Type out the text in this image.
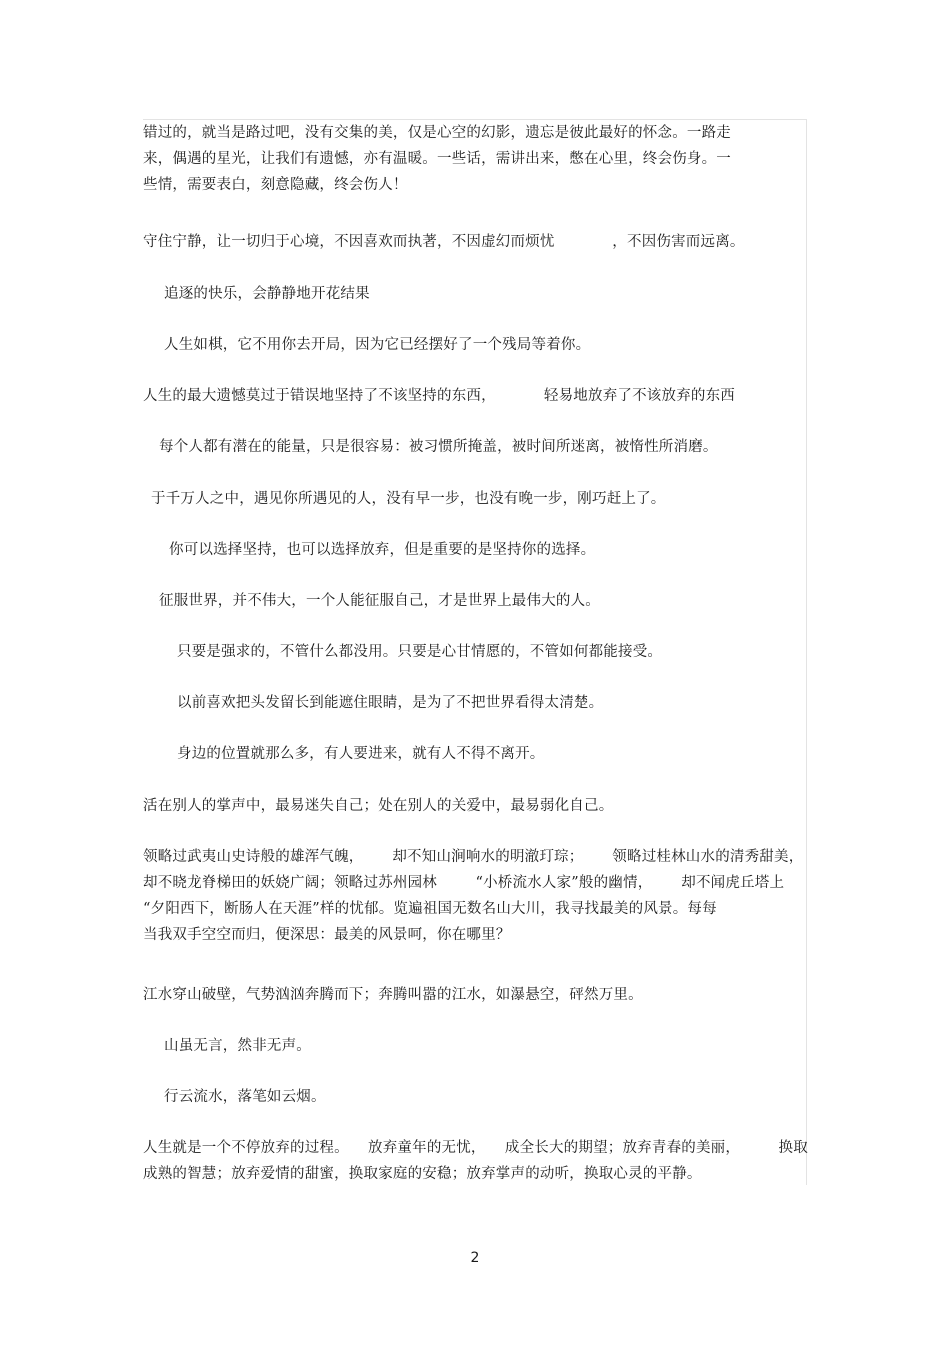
错过的，就当是路过吧，没有交集的美，仅是心空的幻影，遗忘是彼此最好的怀念。一路走
来，偶遇的星光，让我们有遗憾，亦有温暖。一些话，需讲出来，憋在心里，终会伤身。一
些情，需要表白，刻意隐藏，终会伤人！
守住宁静，让一切归于心境，不因喜欢而执著，不因虚幻而烦忧            ，不因伤害而远离。
追逐的快乐，会静静地开花结果
人生如棋，它不用你去开局，因为它已经摆好了一个残局等着你。
人生的最大遗憾莫过于错误地坚持了不该坚持的东西，          轻易地放弃了不该放弃的东西
每个人都有潜在的能量，只是很容易：被习惯所掩盖，被时间所迷离，被惰性所消磨。
于千万人之中，遇见你所遇见的人，没有早一步，也没有晚一步，刚巧赶上了。
你可以选择坚持，也可以选择放弃，但是重要的是坚持你的选择。
征服世界，并不伟大，一个人能征服自己，才是世界上最伟大的人。
只要是强求的，不管什么都没用。只要是心甘情愿的，不管如何都能接受。
以前喜欢把头发留长到能遮住眼睛，是为了不把世界看得太清楚。
身边的位置就那么多，有人要进来，就有人不得不离开。
活在别人的掌声中，最易迷失自己；处在别人的关爱中，最易弱化自己。
领略过武夷山史诗般的雄浑气魄，      却不知山涧响水的明澈玎琮；      领略过桂林山水的清秀甜美，
却不晓龙脊梯田的妖娆广阔；领略过苏州园林        “小桥流水人家”般的幽情，      却不闻虎丘塔上
“夕阳西下，断肠人在天涯”样的忧郁。览遍祖国无数名山大川，我寻找最美的风景。每每
当我双手空空而归，便深思：最美的风景呵，你在哪里？
江水穿山破壁，气势汹汹奔腾而下；奔腾叫嚣的江水，如瀑悬空，砰然万里。
山虽无言，然非无声。
行云流水，落笔如云烟。
人生就是一个不停放弃的过程。    放弃童年的无忧，    成全长大的期望；放弃青春的美丽，        换取
成熟的智慧；放弃爱情的甜蜜，换取家庭的安稳；放弃掌声的动听，换取心灵的平静。
2
